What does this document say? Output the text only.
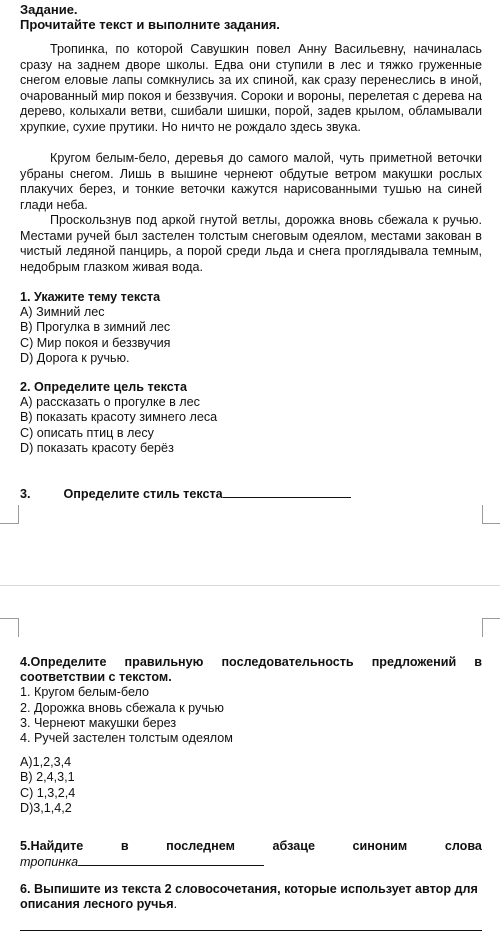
Задание.

Прочитайте текст и выполните задания.

Тропинка, по которой Савушкин повел Анну Васильевну, начиналась сразу на заднем дворе школы. Едва они ступили в лес и тяжко груженные снегом еловые лапы сомкнулись за их спиной, как сразу перенеслись в иной, очарованный мир покоя и беззвучия. Сороки и вороны, перелетая с дерева на дерево, колыхали ветви, сшибали шишки, порой, задев крылом, обламывали хрупкие, сухие прутики. Но ничто не рождало здесь звука.

Кругом белым-бело, деревья до самого малой, чуть приметной веточки убраны снегом. Лишь в вышине чернеют обдутые ветром макушки рослых плакучих берез, и тонкие веточки кажутся нарисованными тушью на синей глади неба.

Проскользнув под аркой гнутой ветлы, дорожка вновь сбежала к ручью. Местами ручей был застелен толстым снеговым одеялом, местами закован в чистый ледяной панцирь, а порой среди льда и снега проглядывала темным, недобрым глазком живая вода.

1. Укажите тему текста
A) Зимний лес
B) Прогулка в зимний лес
C) Мир покоя и беззвучия
D) Дорога к ручью.
2. Определите цель текста
A) рассказать о прогулке в лес
B) показать красоту зимнего леса
C) описать птиц в лесу
D) показать красоту берёз
3.	Определите стиль текста
4.Определите правильную последовательность предложений в
соответствии с текстом.
1. Кругом белым-бело
2. Дорожка вновь сбежала к ручью
3. Чернеют макушки берез
4. Ручей застелен толстым одеялом
A)1,2,3,4
B) 2,4,3,1
C) 1,3,2,4
D)3,1,4,2
5.Найдите	в	последнем	абзаце	синоним	слова
тропинка
6. Выпишите из текста 2 словосочетания, которые использует автор для описания лесного ручья.
